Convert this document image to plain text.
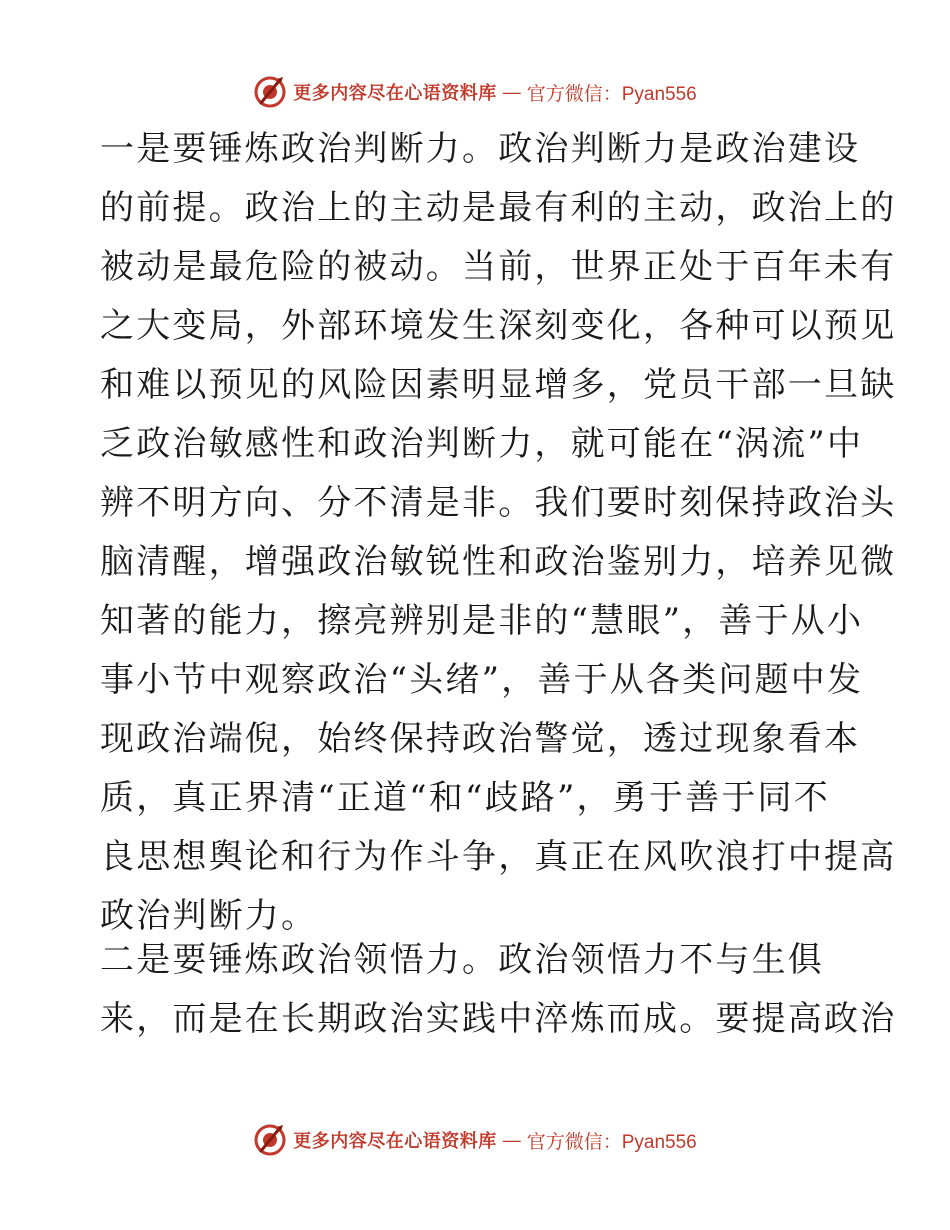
更多内容尽在心语资料库 — 官方微信：Pyan556
一是要锤炼政治判断力。政治判断力是政治建设
的前提。政治上的主动是最有利的主动，政治上的
被动是最危险的被动。当前，世界正处于百年未有
之大变局，外部环境发生深刻变化，各种可以预见
和难以预见的风险因素明显增多，党员干部一旦缺
乏政治敏感性和政治判断力，就可能在“涡流”中
辨不明方向、分不清是非。我们要时刻保持政治头
脑清醒，增强政治敏锐性和政治鉴别力，培养见微
知著的能力，擦亮辨别是非的“慧眼”，善于从小
事小节中观察政治“头绪”，善于从各类问题中发
现政治端倪，始终保持政治警觉，透过现象看本
质，真正界清“正道“和“歧路”，勇于善于同不
良思想舆论和行为作斗争，真正在风吹浪打中提高
政治判断力。
二是要锤炼政治领悟力。政治领悟力不与生俱
来，而是在长期政治实践中淬炼而成。要提高政治
更多内容尽在心语资料库 — 官方微信：Pyan556
